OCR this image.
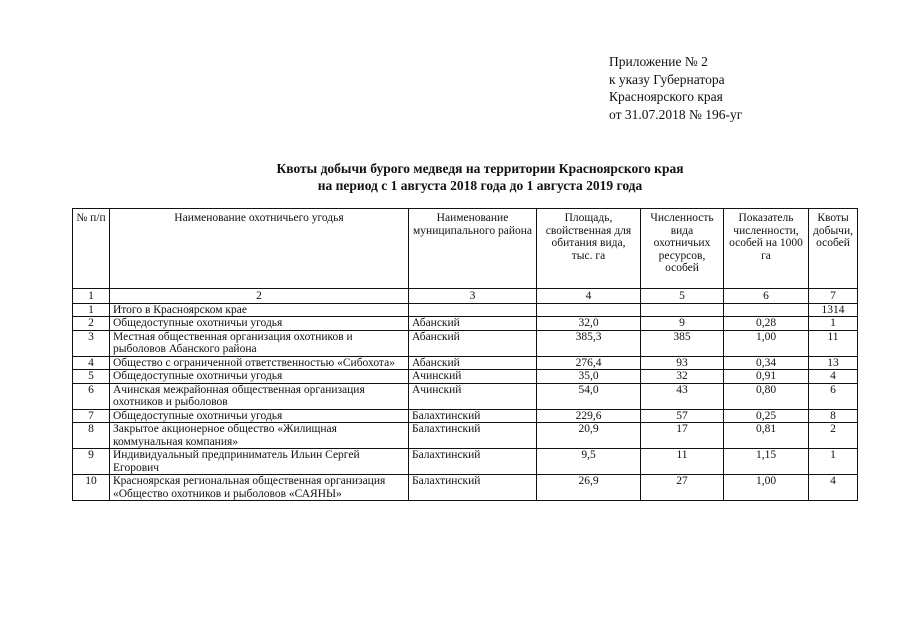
Приложение № 2
к указу Губернатора
Красноярского края
от 31.07.2018 № 196-уг
Квоты добычи бурого медведя на территории Красноярского края
на период с 1 августа 2018 года до 1 августа 2019 года
№ п/п	Наименование охотничьего угодья	Наименование муниципального района	Площадь, свойственная для обитания вида, тыс. га	Численность вида охотничьих ресурсов, особей	Показатель численности, особей на 1000 га	Квоты добычи, особей
1	2	3	4	5	6	7
1	Итого в Красноярском крае					1314
2	Общедоступные охотничьи угодья	Абанский	32,0	9	0,28	1
3	Местная общественная организация охотников и рыболовов Абанского района	Абанский	385,3	385	1,00	11
4	Общество с ограниченной ответственностью «Сибохота»	Абанский	276,4	93	0,34	13
5	Общедоступные охотничьи угодья	Ачинский	35,0	32	0,91	4
6	Ачинская межрайонная общественная организация охотников и рыболовов	Ачинский	54,0	43	0,80	6
7	Общедоступные охотничьи угодья	Балахтинский	229,6	57	0,25	8
8	Закрытое акционерное общество «Жилищная коммунальная компания»	Балахтинский	20,9	17	0,81	2
9	Индивидуальный предприниматель Ильин Сергей Егорович	Балахтинский	9,5	11	1,15	1
10	Красноярская региональная общественная организация «Общество охотников и рыболовов «САЯНЫ»	Балахтинский	26,9	27	1,00	4
